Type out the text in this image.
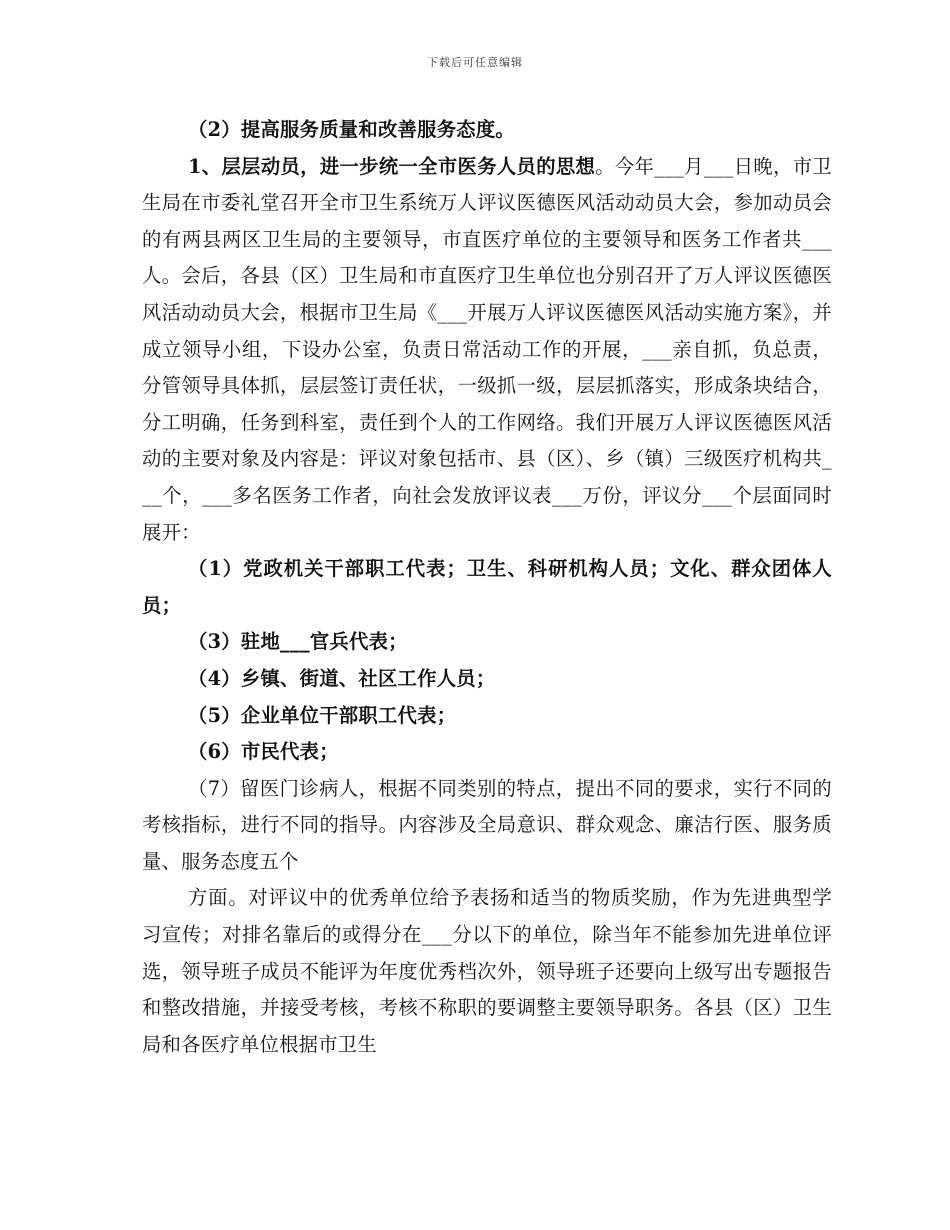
下载后可任意编辑

（2）提高服务质量和改善服务态度。

1、层层动员，进一步统一全市医务人员的思想。今年___月___日晚，市卫生局在市委礼堂召开全市卫生系统万人评议医德医风活动动员大会，参加动员会的有两县两区卫生局的主要领导，市直医疗单位的主要领导和医务工作者共___人。会后，各县（区）卫生局和市直医疗卫生单位也分别召开了万人评议医德医风活动动员大会，根据市卫生局《___开展万人评议医德医风活动实施方案》，并成立领导小组，下设办公室，负责日常活动工作的开展，___亲自抓，负总责，分管领导具体抓，层层签订责任状，一级抓一级，层层抓落实，形成条块结合，分工明确，任务到科室，责任到个人的工作网络。我们开展万人评议医德医风活动的主要对象及内容是：评议对象包括市、县（区）、乡（镇）三级医疗机构共___个，___多名医务工作者，向社会发放评议表___万份，评议分___个层面同时展开：

（1）党政机关干部职工代表；卫生、科研机构人员；文化、群众团体人员；

（3）驻地___官兵代表；

（4）乡镇、街道、社区工作人员；

（5）企业单位干部职工代表；

（6）市民代表；

（7）留医门诊病人，根据不同类别的特点，提出不同的要求，实行不同的考核指标，进行不同的指导。内容涉及全局意识、群众观念、廉洁行医、服务质量、服务态度五个

方面。对评议中的优秀单位给予表扬和适当的物质奖励，作为先进典型学习宣传；对排名靠后的或得分在___分以下的单位，除当年不能参加先进单位评选，领导班子成员不能评为年度优秀档次外，领导班子还要向上级写出专题报告和整改措施，并接受考核，考核不称职的要调整主要领导职务。各县（区）卫生局和各医疗单位根据市卫生
